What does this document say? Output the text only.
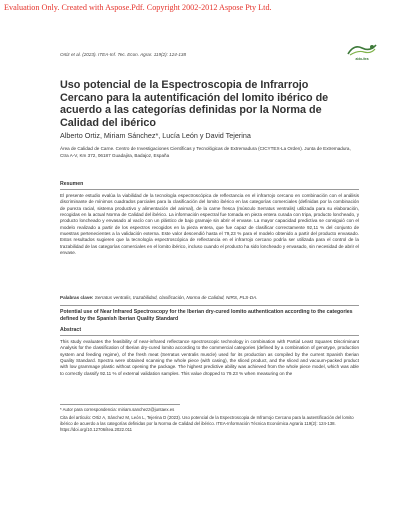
Evaluation Only. Created with Aspose.Pdf. Copyright 2002-2012 Aspose Pty Ltd.
Ortiz et al. (2023). ITEA-Inf. Tec. Econ. Agrar. 119(2): 124-138
aida-itea
Uso potencial de la Espectroscopia de Infrarrojo Cercano para la autentificación del lomito ibérico de acuerdo a las categorías definidas por la Norma de Calidad del ibérico
Alberto Ortiz, Miriam Sánchez*, Lucía León y David Tejerina
Área de Calidad de Carne. Centro de Investigaciones Científicas y Tecnológicas de Extremadura (CICYTEX-La Orden). Junta de Extremadura, Ctra A-V, Km 372, 06187 Guadajira, Badajoz, España
Resumen
El presente estudio evalúa la viabilidad de la tecnología espectroscópica de reflectancia en el infrarrojo cercano en combinación con el análisis discriminante de mínimos cuadrados parciales para la clasificación del lomito ibérico en las categorías comerciales (definidas por la combinación de pureza racial, sistema productivo y alimentación del animal), de la carne fresca (músculo Serratus ventralis) utilizada para su elaboración, recogidas en la actual Norma de Calidad del ibérico. La información espectral fue tomada en pieza entera curada con tripa, producto loncheado, y producto loncheado y envasado al vacío con un plástico de bajo gramaje sin abrir el envase. La mayor capacidad predictiva se consiguió con el modelo realizado a partir de los espectros recogidos en la pieza entera, que fue capaz de clasificar correctamente 92,11 % del conjunto de muestras pertenecientes a la validación externa. Este valor descendió hasta el 79,23 % para el modelo obtenido a partir del producto envasado. Estos resultados sugieren que la tecnología espectroscópica de reflectancia en el infrarrojo cercano podría ser utilizada para el control de la trazabilidad de las categorías comerciales en el lomito ibérico, incluso cuando el producto ha sido loncheado y envasado, sin necesidad de abrir el envase.
Palabras clave: Serratus ventralis, trazabilidad, clasificación, Norma de Calidad, NIRS, PLS-DA.
Potential use of Near Infrared Spectroscopy for the Iberian dry-cured lomito authentication according to the categories defined by the Spanish Iberian Quality Standard
Abstract
This study evaluates the feasibility of near-infrared reflectance spectroscopic technology in combination with Partial Least Squares Discriminant Analysis for the classification of Iberian dry-cured lomito according to the commercial categories (defined by a combination of genotype, production system and feeding regime), of the fresh meat (Serratus ventralis muscle) used for its production as compiled by the current Spanish Iberian Quality Standard. Spectra were obtained scanning the whole piece (with casing), the sliced product, and the sliced and vacuum-packed product with low grammage plastic without opening the package. The highest predictive ability was achieved from the whole piece model, which was able to correctly classify 92.11 % of external validation samples. This value dropped to 79.23 % when measuring on the
* Autor para correspondencia: miriam.sanchezz@juntaex.es
Cita del artículo: Ortiz A, Sánchez M, León L, Tejerina D (2023). Uso potencial de la Espectroscopia de Infrarrojo Cercano para la autentificación del lomito ibérico de acuerdo a las categorías definidas por la Norma de Calidad del ibérico. ITEA-Información Técnica Económica Agraria 119(2): 124-138. https://doi.org/10.12706/itea.2022.011
